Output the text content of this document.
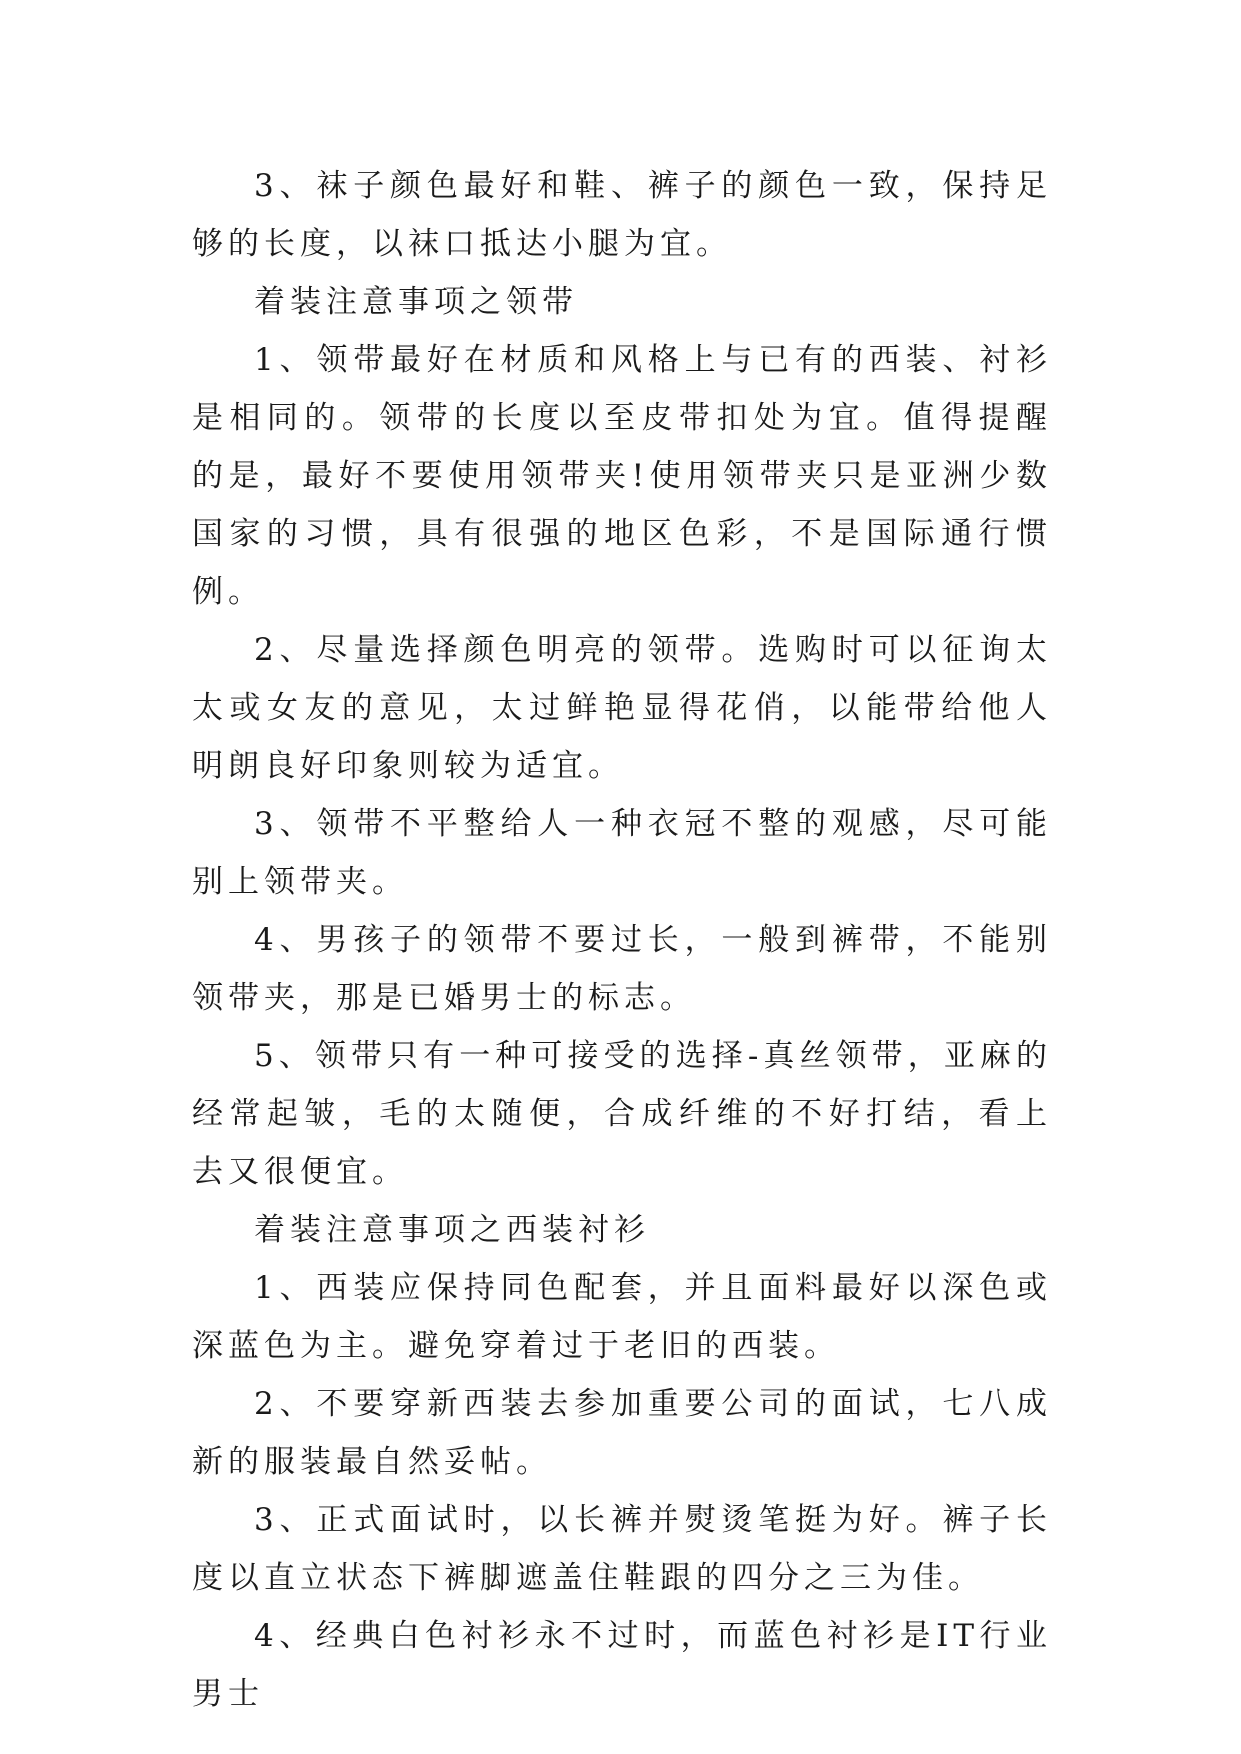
3、袜子颜色最好和鞋、裤子的颜色一致，保持足够的长度，以袜口抵达小腿为宜。

着装注意事项之领带

1、领带最好在材质和风格上与已有的西装、衬衫是相同的。领带的长度以至皮带扣处为宜。值得提醒的是，最好不要使用领带夹!使用领带夹只是亚洲少数国家的习惯，具有很强的地区色彩，不是国际通行惯例。

2、尽量选择颜色明亮的领带。选购时可以征询太太或女友的意见，太过鲜艳显得花俏，以能带给他人明朗良好印象则较为适宜。

3、领带不平整给人一种衣冠不整的观感，尽可能别上领带夹。

4、男孩子的领带不要过长，一般到裤带，不能别领带夹，那是已婚男士的标志。

5、领带只有一种可接受的选择-真丝领带，亚麻的经常起皱，毛的太随便，合成纤维的不好打结，看上去又很便宜。

着装注意事项之西装衬衫

1、西装应保持同色配套，并且面料最好以深色或深蓝色为主。避免穿着过于老旧的西装。

2、不要穿新西装去参加重要公司的面试，七八成新的服装最自然妥帖。

3、正式面试时，以长裤并熨烫笔挺为好。裤子长度以直立状态下裤脚遮盖住鞋跟的四分之三为佳。

4、经典白色衬衫永不过时，而蓝色衬衫是IT行业男士
